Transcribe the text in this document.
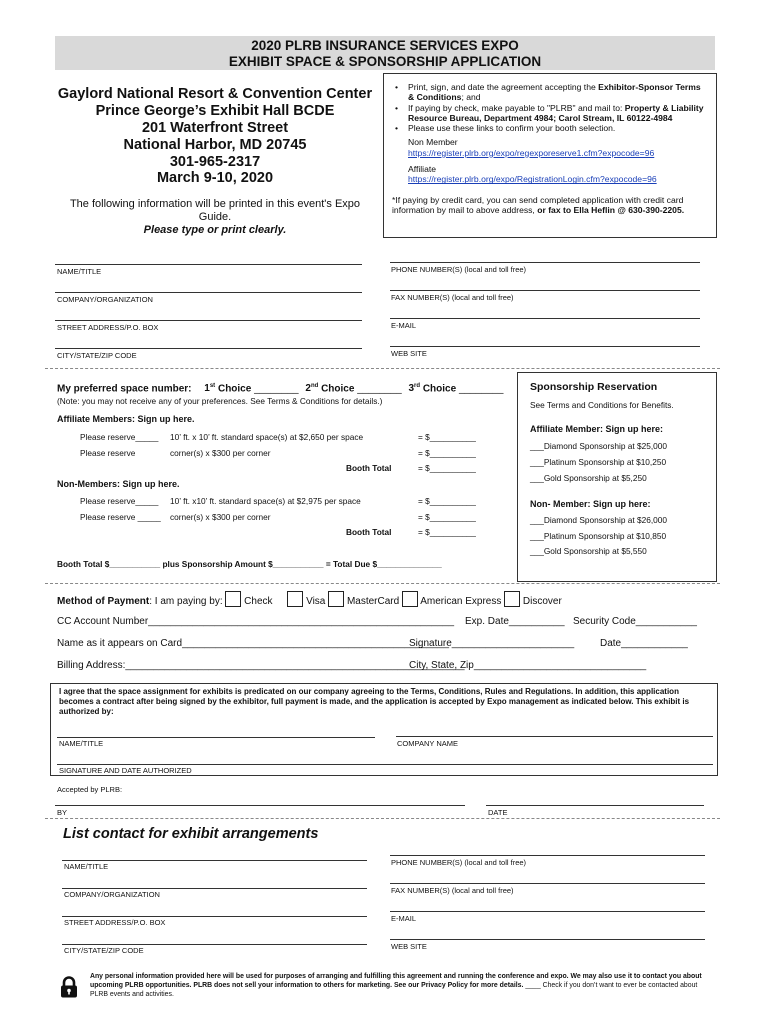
2020 PLRB INSURANCE SERVICES EXPO
EXHIBIT SPACE & SPONSORSHIP APPLICATION
Gaylord National Resort & Convention Center
Prince George’s Exhibit Hall BCDE
201 Waterfront Street
National Harbor, MD 20745
301-965-2317
March 9-10, 2020
The following information will be printed in this event's Expo Guide.
Please type or print clearly.
• Print, sign, and date the agreement accepting the Exhibitor-Sponsor Terms & Conditions; and
• If paying by check, make payable to "PLRB" and mail to: Property & Liability Resource Bureau, Department 4984; Carol Stream, IL 60122-4984
• Please use these links to confirm your booth selection.
Non Member
https://register.plrb.org/expo/regexporeserve1.cfm?expocode=96
Affiliate
https://register.plrb.org/expo/RegistrationLogin.cfm?expocode=96
*If paying by credit card, you can send completed application with credit card information by mail to above address, or fax to Ella Heflin @ 630-390-2205.
NAME/TITLE	PHONE NUMBER(S) (local and toll free)
COMPANY/ORGANIZATION	FAX NUMBER(S) (local and toll free)
STREET ADDRESS/P.O. BOX	E-MAIL
CITY/STATE/ZIP CODE	WEB SITE
My preferred space number: 1st Choice ________ 2nd Choice ________ 3rd Choice ________
(Note: you may not receive any of your preferences. See Terms & Conditions for details.)
Affiliate Members: Sign up here.
Please reserve_____ 10’ ft. x 10’ ft. standard space(s) at $2,650 per space	= $__________
Please reserve	corner(s) x $300 per corner	= $__________
Booth Total	= $__________
Non-Members: Sign up here.
Please reserve_____ 10’ ft. x10’ ft. standard space(s) at $2,975 per space	= $__________
Please reserve _____ corner(s) x $300 per corner	= $__________
Booth Total	= $__________
Booth Total $___________ plus Sponsorship Amount $___________ = Total Due $______________
Sponsorship Reservation
See Terms and Conditions for Benefits.
Affiliate Member: Sign up here:
___Diamond Sponsorship at $25,000
___Platinum Sponsorship at $10,250
___Gold Sponsorship at $5,250
Non- Member: Sign up here:
___Diamond Sponsorship at $26,000
___Platinum Sponsorship at $10,850
___Gold Sponsorship at $5,550
Method of Payment: I am paying by: Check	Visa MasterCard American Express Discover
CC Account Number_______________________________________________________ Exp. Date__________ Security Code___________
Name as it appears on Card________________________________________________
Signature______________________	Date____________
Billing Address:_____________________________________________________________
City, State, Zip_______________________________
I agree that the space assignment for exhibits is predicated on our company agreeing to the Terms, Conditions, Rules and Regulations. In addition, this application becomes a contract after being signed by the exhibitor, full payment is made, and the application is accepted by Expo management as indicated below. This exhibit is authorized by:
NAME/TITLE	COMPANY NAME
SIGNATURE AND DATE AUTHORIZED
Accepted by PLRB:
BY	DATE
List contact for exhibit arrangements
NAME/TITLE	PHONE NUMBER(S) (local and toll free)
COMPANY/ORGANIZATION	FAX NUMBER(S) (local and toll free)
STREET ADDRESS/P.O. BOX	E-MAIL
CITY/STATE/ZIP CODE	WEB SITE
Any personal information provided here will be used for purposes of arranging and fulfilling this agreement and running the conference and expo. We may also use it to contact you about upcoming PLRB opportunities. PLRB does not sell your information to others for marketing. See our Privacy Policy for more details. ____ Check if you don’t want to ever be contacted about PLRB events and activities.
